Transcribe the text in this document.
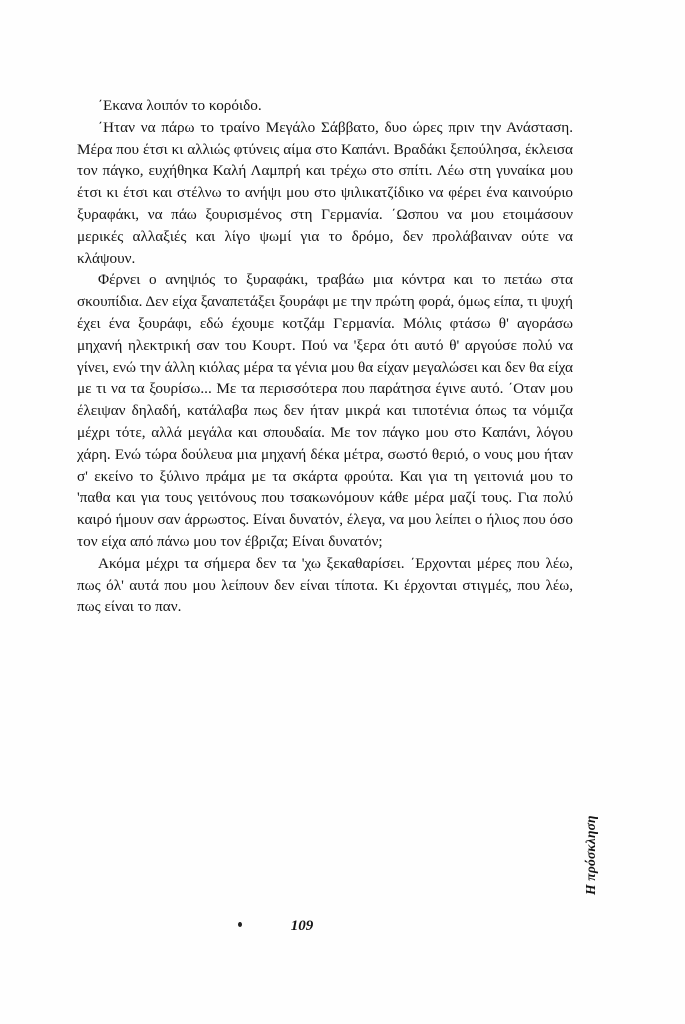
΄Εκανα λοιπόν το κορόιδο.

΄Ηταν να πάρω το τραίνο Μεγάλο Σάββατο, δυο ώρες πριν την Ανάσταση. Μέρα που έτσι κι αλλιώς φτύνεις αίμα στο Καπάνι. Βραδάκι ξεπούλησα, έκλεισα τον πάγκο, ευχήθηκα Καλή Λαμπρή και τρέχω στο σπίτι. Λέω στη γυναίκα μου έτσι κι έτσι και στέλνω το ανήψι μου στο ψιλικατζίδικο να φέρει ένα καινούριο ξυραφάκι, να πάω ξουρισμένος στη Γερμανία. ΄Ωσπου να μου ετοιμάσουν μερικές αλλαξιές και λίγο ψωμί για το δρόμο, δεν προλάβαιναν ούτε να κλάψουν.

Φέρνει ο ανηψιός το ξυραφάκι, τραβάω μια κόντρα και το πετάω στα σκουπίδια. Δεν είχα ξαναπετάξει ξουράφι με την πρώτη φορά, όμως είπα, τι ψυχή έχει ένα ξουράφι, εδώ έχουμε κοτζάμ Γερμανία. Μόλις φτάσω θ' αγοράσω μηχανή ηλεκτρική σαν του Κουρτ. Πού να 'ξερα ότι αυτό θ' αργούσε πολύ να γίνει, ενώ την άλλη κιόλας μέρα τα γένια μου θα είχαν μεγαλώσει και δεν θα είχα με τι να τα ξουρίσω... Με τα περισσότερα που παράτησα έγινε αυτό. ΄Οταν μου έλειψαν δηλαδή, κατάλαβα πως δεν ήταν μικρά και τιποτένια όπως τα νόμιζα μέχρι τότε, αλλά μεγάλα και σπουδαία. Με τον πάγκο μου στο Καπάνι, λόγου χάρη. Ενώ τώρα δούλευα μια μηχανή δέκα μέτρα, σωστό θεριό, ο νους μου ήταν σ' εκείνο το ξύλινο πράμα με τα σκάρτα φρούτα. Και για τη γειτονιά μου το 'παθα και για τους γειτόνους που τσακωνόμουν κάθε μέρα μαζί τους. Για πολύ καιρό ήμουν σαν άρρωστος. Είναι δυνατόν, έλεγα, να μου λείπει ο ήλιος που όσο τον είχα από πάνω μου τον έβριζα; Είναι δυνατόν;

Ακόμα μέχρι τα σήμερα δεν τα 'χω ξεκαθαρίσει. ΄Ερχονται μέρες που λέω, πως όλ' αυτά που μου λείπουν δεν είναι τίποτα. Κι έρχονται στιγμές, που λέω, πως είναι το παν.

Η πρόσκληση
109
